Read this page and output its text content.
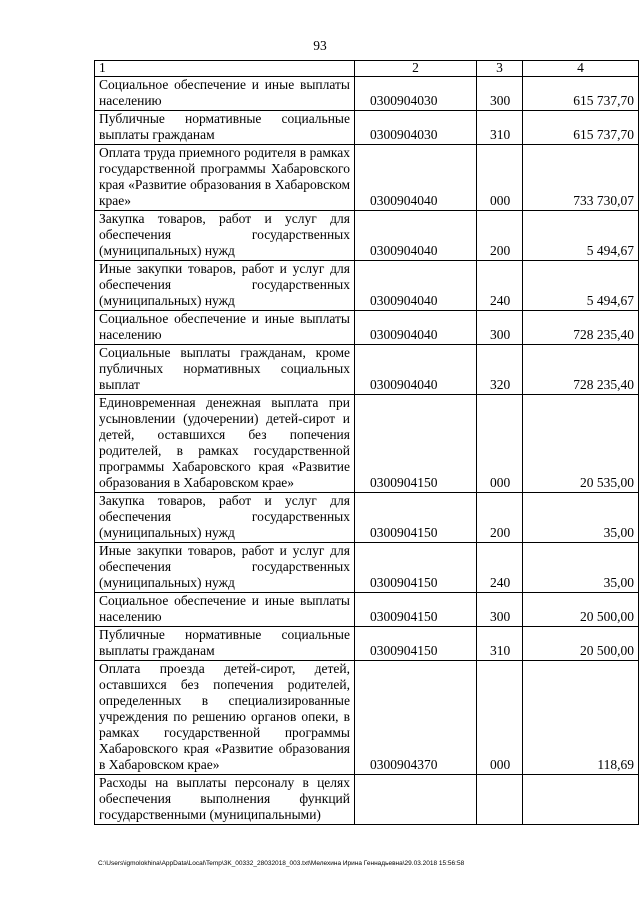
93
1	2	3	4
Социальное обеспечение и иные выплаты населению	0300904030	300	615 737,70
Публичные нормативные социальные выплаты гражданам	0300904030	310	615 737,70
Оплата труда приемного родителя в рамках государственной программы Хабаровского края «Развитие образования в Хабаровском крае»	0300904040	000	733 730,07
Закупка товаров, работ и услуг для обеспечения государственных (муниципальных) нужд	0300904040	200	5 494,67
Иные закупки товаров, работ и услуг для обеспечения государственных (муниципальных) нужд	0300904040	240	5 494,67
Социальное обеспечение и иные выплаты населению	0300904040	300	728 235,40
Социальные выплаты гражданам, кроме публичных нормативных социальных выплат	0300904040	320	728 235,40
Единовременная денежная выплата при усыновлении (удочерении) детей-сирот и детей, оставшихся без попечения родителей, в рамках государственной программы Хабаровского края «Развитие образования в Хабаровском крае»	0300904150	000	20 535,00
Закупка товаров, работ и услуг для обеспечения государственных (муниципальных) нужд	0300904150	200	35,00
Иные закупки товаров, работ и услуг для обеспечения государственных (муниципальных) нужд	0300904150	240	35,00
Социальное обеспечение и иные выплаты населению	0300904150	300	20 500,00
Публичные нормативные социальные выплаты гражданам	0300904150	310	20 500,00
Оплата проезда детей-сирот, детей, оставшихся без попечения родителей, определенных в специализированные учреждения по решению органов опеки, в рамках государственной программы Хабаровского края «Развитие образования в Хабаровском крае»	0300904370	000	118,69
Расходы на выплаты персоналу в целях обеспечения выполнения функций государственными (муниципальными)			
C:\Users\igmolokhina\AppData\Local\Temp\3K_00332_28032018_003.txt\Мелехина Ирина Геннадьевна\29.03.2018 15:56:58
